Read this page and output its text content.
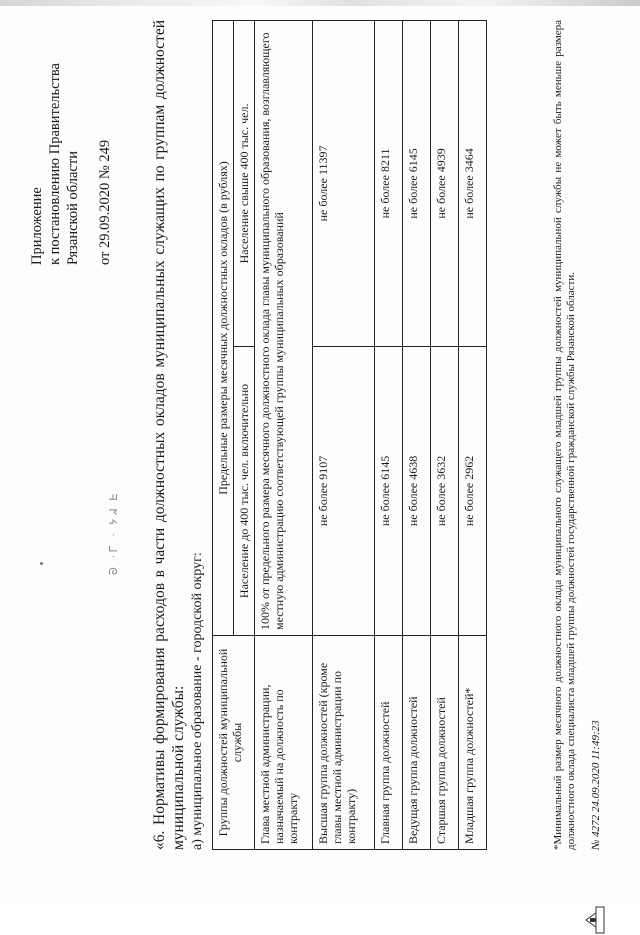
ᘐ ·ᒥ · ᔭᖽ ᖶ
Приложение к постановлению Правительства Рязанской области от 29.09.2020 № 249 «6. Нормативы формирования расходов в части должностных окладов муниципальных служащих по группам должностей муниципальной службы: а) муниципальное образование - городской округ: Группы должностей муниципальной службы	Предельные размеры месячных должностных окладов (в рублях)	
	Население до 400 тыс. чел. включительно	Население свыше 400 тыс. чел.
Глава местной администрации, назначаемый на должность по контракту	100% от предельного размера месячного должностного оклада главы муниципального образования, возглавляющего местную администрацию соответствующей группы муниципальных образований	
Высшая группа должностей (кроме главы местной администрации по контракту)	не более 9107	не более 11397
Главная группа должностей	не более 6145	не более 8211
Ведущая группа должностей	не более 4638	не более 6145
Старшая группа должностей	не более 3632	не более 4939
Младшая группа должностей*	не более 2962	не более 3464	*Минимальный размер месячного должностного оклада муниципального служащего младшей группы должностей муниципальной службы не может быть меньше размера должностного оклада специалиста младшей группы должностей государственной гражданской службы Рязанской области. № 4272 24.09.2020 11:49:23
